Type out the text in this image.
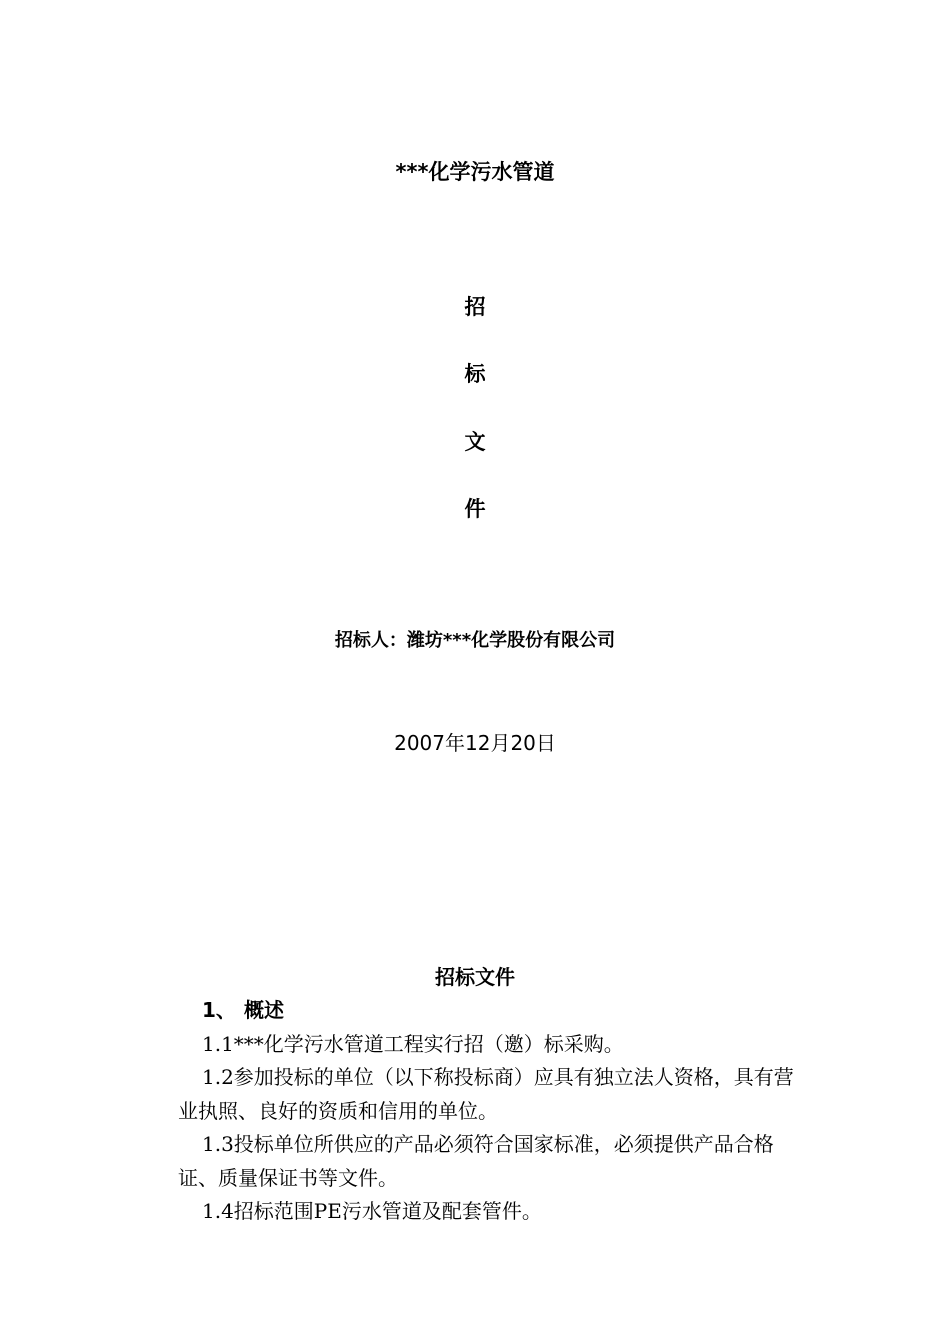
***化学污水管道
招
标
文
件
招标人：潍坊***化学股份有限公司
2007年12月20日
招标文件

1、 概述

1.1***化学污水管道工程实行招（邀）标采购。

1.2参加投标的单位（以下称投标商）应具有独立法人资格，具有营业执照、良好的资质和信用的单位。

1.3投标单位所供应的产品必须符合国家标准，必须提供产品合格证、质量保证书等文件。

1.4招标范围PE污水管道及配套管件。
